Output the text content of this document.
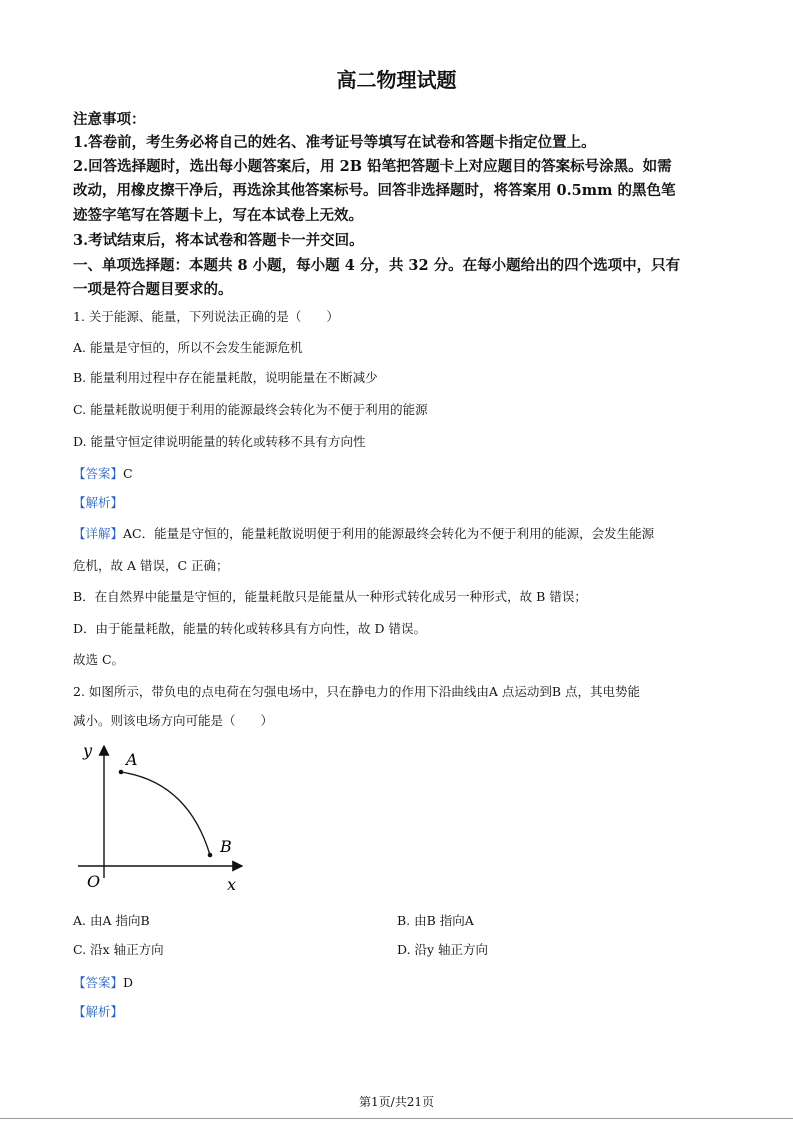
高二物理试题
注意事项：
1.答卷前，考生务必将自己的姓名、准考证号等填写在试卷和答题卡指定位置上。
2.回答选择题时，选出每小题答案后，用 2B 铅笔把答题卡上对应题目的答案标号涂黑。如需
改动，用橡皮擦干净后，再选涂其他答案标号。回答非选择题时，将答案用 0.5mm 的黑色笔
迹签字笔写在答题卡上，写在本试卷上无效。
3.考试结束后，将本试卷和答题卡一并交回。
一、单项选择题：本题共 8 小题，每小题 4 分，共 32 分。在每小题给出的四个选项中，只有
一项是符合题目要求的。
1. 关于能源、能量，下列说法正确的是（　　）
A. 能量是守恒的，所以不会发生能源危机
B. 能量利用过程中存在能量耗散，说明能量在不断减少
C. 能量耗散说明便于利用的能源最终会转化为不便于利用的能源
D. 能量守恒定律说明能量的转化或转移不具有方向性
【答案】C
【解析】
【详解】AC．能量是守恒的，能量耗散说明便于利用的能源最终会转化为不便于利用的能源，会发生能源
危机，故 A 错误，C 正确；
B．在自然界中能量是守恒的，能量耗散只是能量从一种形式转化成另一种形式，故 B 错误；
D．由于能量耗散，能量的转化或转移具有方向性，故 D 错误。
故选 C。
2. 如图所示，带负电的点电荷在匀强电场中，只在静电力的作用下沿曲线由A 点运动到B 点，其电势能
减小。则该电场方向可能是（　　）
y A
B
O	x
A. 由A 指向B	B. 由B 指向A
C. 沿x 轴正方向	D. 沿y 轴正方向
【答案】D
【解析】
第1页/共21页
